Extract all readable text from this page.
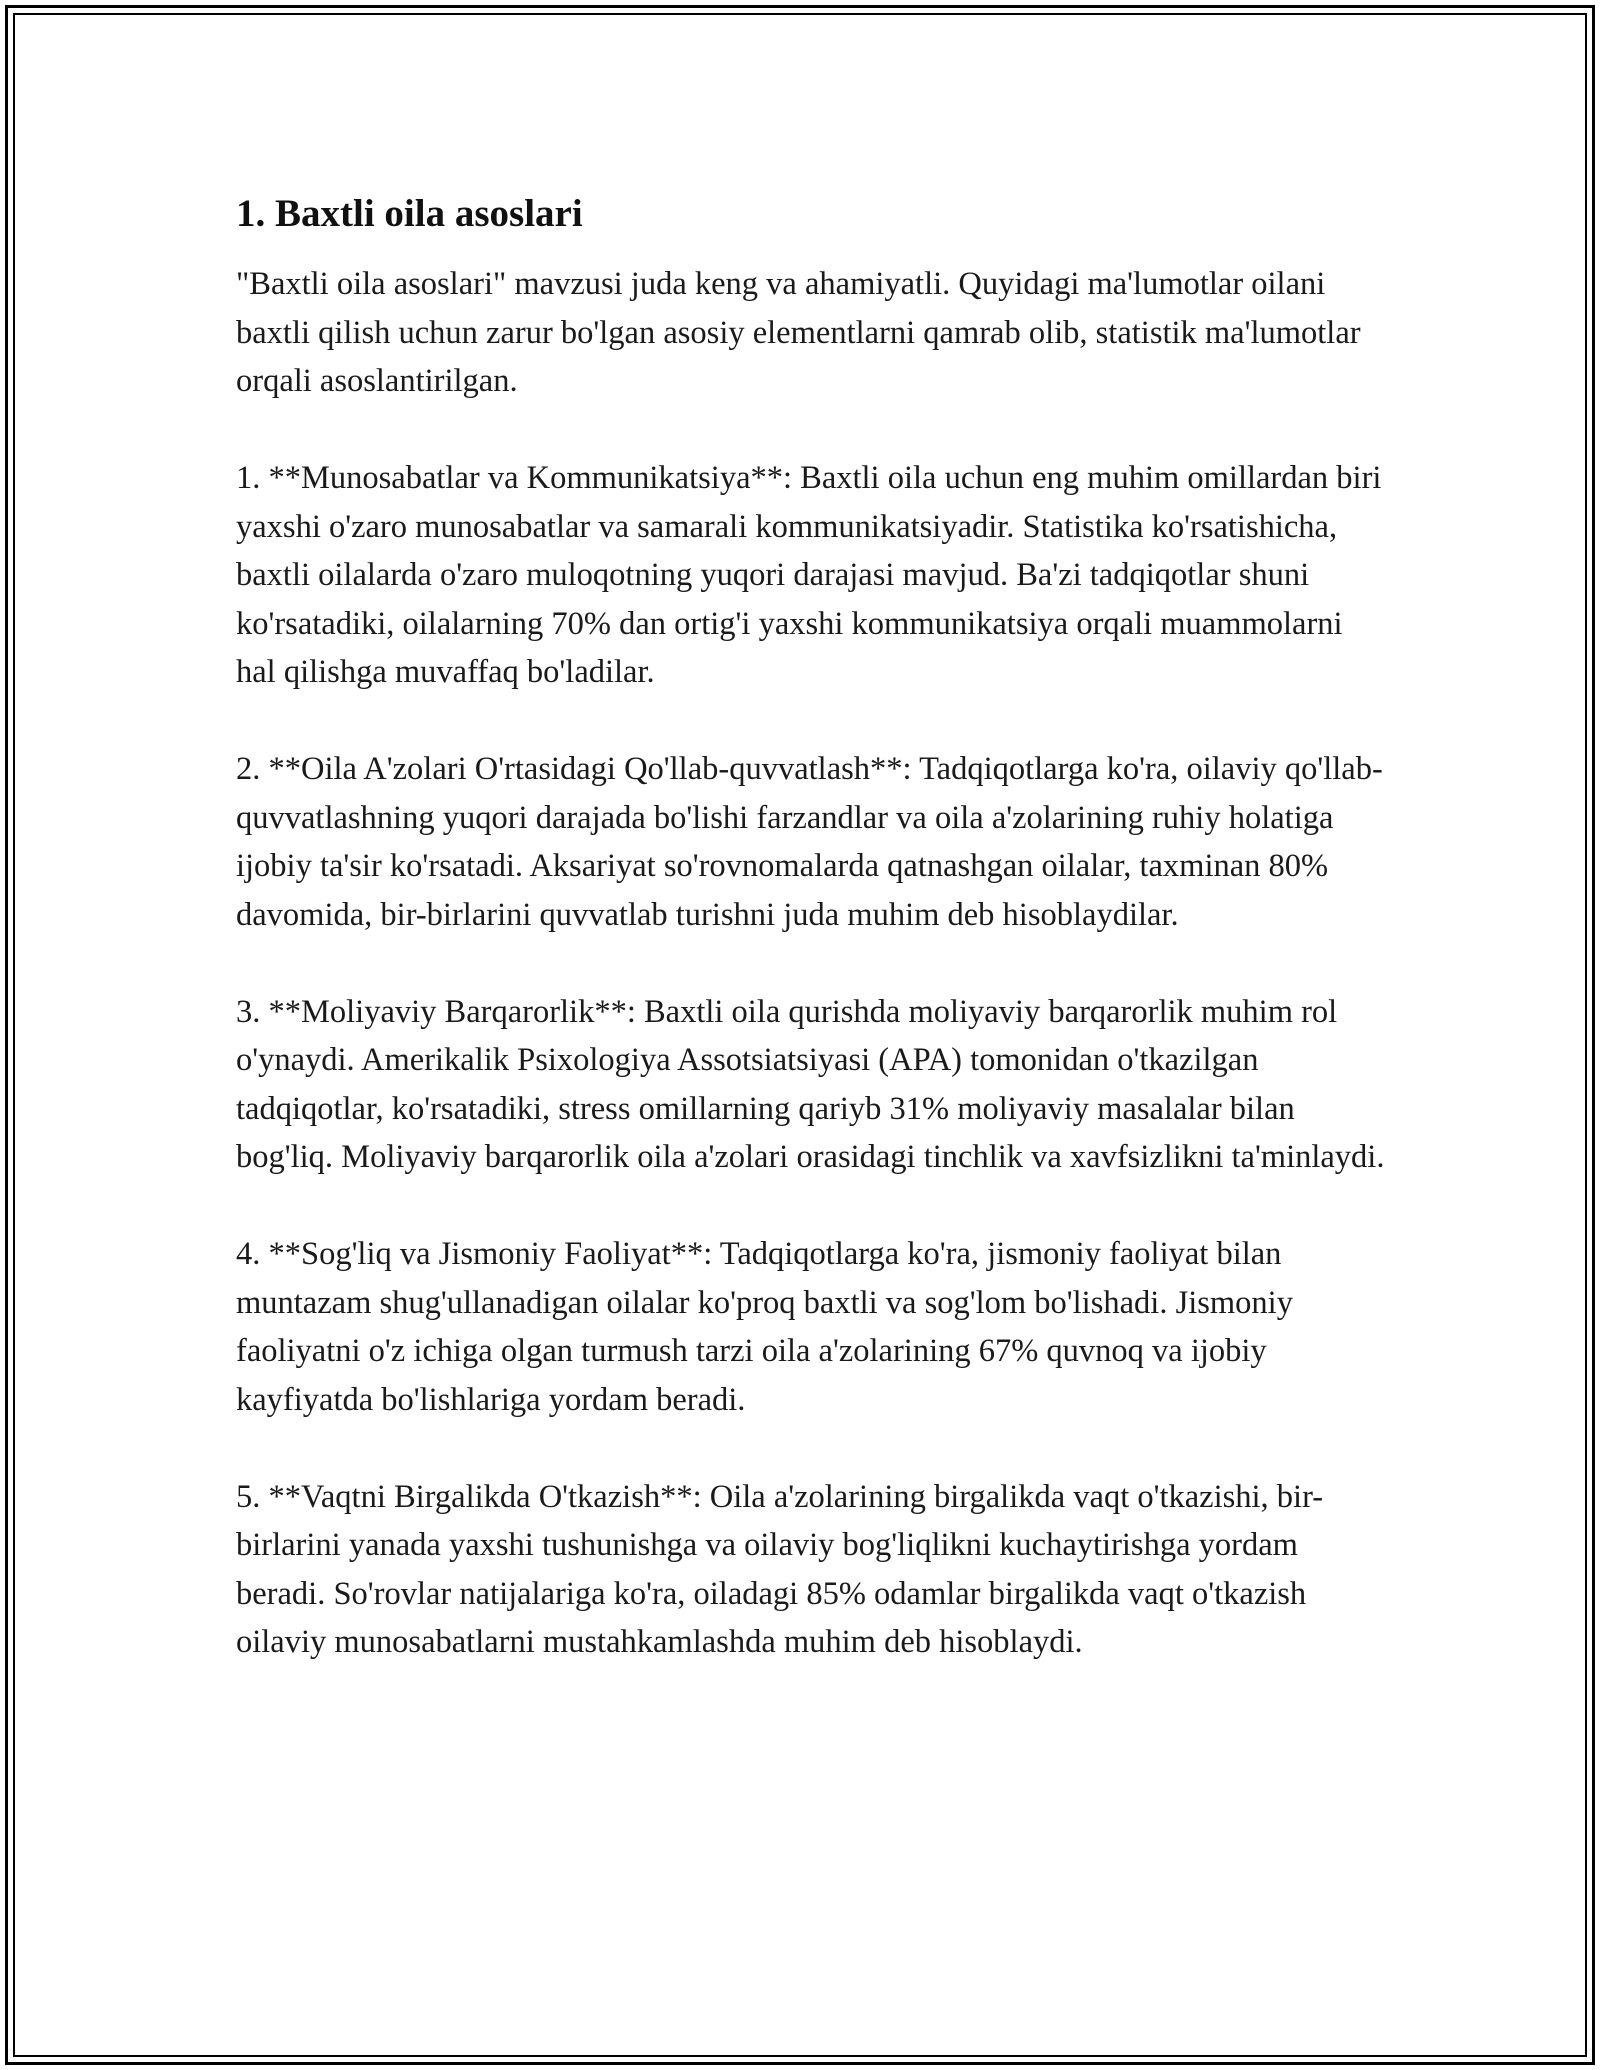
1. Baxtli oila asoslari

"Baxtli oila asoslari" mavzusi juda keng va ahamiyatli. Quyidagi ma'lumotlar oilani baxtli qilish uchun zarur bo'lgan asosiy elementlarni qamrab olib, statistik ma'lumotlar orqali asoslantirilgan.

1. **Munosabatlar va Kommunikatsiya**: Baxtli oila uchun eng muhim omillardan biri yaxshi o'zaro munosabatlar va samarali kommunikatsiyadir. Statistika ko'rsatishicha, baxtli oilalarda o'zaro muloqotning yuqori darajasi mavjud. Ba'zi tadqiqotlar shuni ko'rsatadiki, oilalarning 70% dan ortig'i yaxshi kommunikatsiya orqali muammolarni hal qilishga muvaffaq bo'ladilar.

2. **Oila A'zolari O'rtasidagi Qo'llab-quvvatlash**: Tadqiqotlarga ko'ra, oilaviy qo'llab-quvvatlashning yuqori darajada bo'lishi farzandlar va oila a'zolarining ruhiy holatiga ijobiy ta'sir ko'rsatadi. Aksariyat so'rovnomalarda qatnashgan oilalar, taxminan 80% davomida, bir-birlarini quvvatlab turishni juda muhim deb hisoblaydilar.

3. **Moliyaviy Barqarorlik**: Baxtli oila qurishda moliyaviy barqarorlik muhim rol o'ynaydi. Amerikalik Psixologiya Assotsiatsiyasi (APA) tomonidan o'tkazilgan tadqiqotlar, ko'rsatadiki, stress omillarning qariyb 31% moliyaviy masalalar bilan bog'liq. Moliyaviy barqarorlik oila a'zolari orasidagi tinchlik va xavfsizlikni ta'minlaydi.

4. **Sog'liq va Jismoniy Faoliyat**: Tadqiqotlarga ko'ra, jismoniy faoliyat bilan muntazam shug'ullanadigan oilalar ko'proq baxtli va sog'lom bo'lishadi. Jismoniy faoliyatni o'z ichiga olgan turmush tarzi oila a'zolarining 67% quvnoq va ijobiy kayfiyatda bo'lishlariga yordam beradi.

5. **Vaqtni Birgalikda O'tkazish**: Oila a'zolarining birgalikda vaqt o'tkazishi, bir-birlarini yanada yaxshi tushunishga va oilaviy bog'liqlikni kuchaytirishga yordam beradi. So'rovlar natijalariga ko'ra, oiladagi 85% odamlar birgalikda vaqt o'tkazish oilaviy munosabatlarni mustahkamlashda muhim deb hisoblaydi.
